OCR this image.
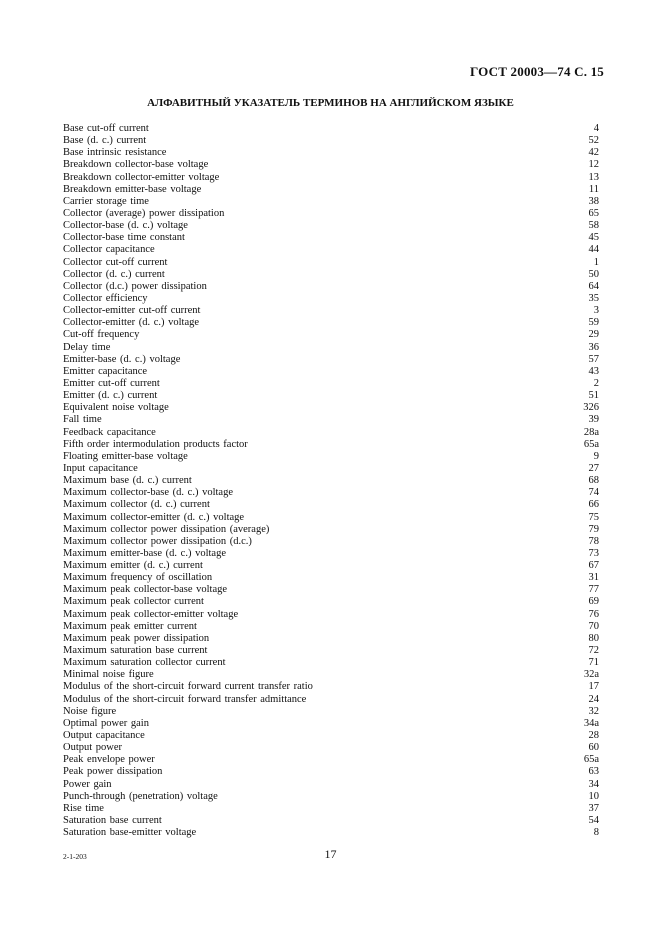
ГОСТ 20003—74 С. 15
АЛФАВИТНЫЙ УКАЗАТЕЛЬ ТЕРМИНОВ НА АНГЛИЙСКОМ ЯЗЫКЕ
Base cut-off current	4
Base (d. c.) current	52
Base intrinsic resistance	42
Breakdown collector-base voltage	12
Breakdown collector-emitter voltage	13
Breakdown emitter-base voltage	11
Carrier storage time	38
Collector (average) power dissipation	65
Collector-base (d. c.) voltage	58
Collector-base time constant	45
Collector capacitance	44
Collector cut-off current	1
Collector (d. c.) current	50
Collector (d.c.) power dissipation	64
Collector efficiency	35
Collector-emitter cut-off current	3
Collector-emitter (d. c.) voltage	59
Cut-off frequency	29
Delay time	36
Emitter-base (d. c.) voltage	57
Emitter capacitance	43
Emitter cut-off current	2
Emitter (d. c.) current	51
Equivalent noise voltage	326
Fall time	39
Feedback capacitance	28a
Fifth order intermodulation products factor	65a
Floating emitter-base voltage	9
Input capacitance	27
Maximum base (d. c.) current	68
Maximum collector-base (d. c.) voltage	74
Maximum collector (d. c.) current	66
Maximum collector-emitter (d. c.) voltage	75
Maximum collector power dissipation (average)	79
Maximum collector power dissipation (d.c.)	78
Maximum emitter-base (d. c.) voltage	73
Maximum emitter (d. c.) current	67
Maximum frequency of oscillation	31
Maximum peak collector-base voltage	77
Maximum peak collector current	69
Maximum peak collector-emitter voltage	76
Maximum peak emitter current	70
Maximum peak power dissipation	80
Maximum saturation base current	72
Maximum saturation collector current	71
Minimal noise figure	32a
Modulus of the short-circuit forward current transfer ratio	17
Modulus of the short-circuit forward transfer admittance	24
Noise figure	32
Optimal power gain	34a
Output capacitance	28
Output power	60
Peak envelope power	65a
Peak power dissipation	63
Power gain	34
Punch-through (penetration) voltage	10
Rise time	37
Saturation base current	54
Saturation base-emitter voltage	8
2-1-203	17
